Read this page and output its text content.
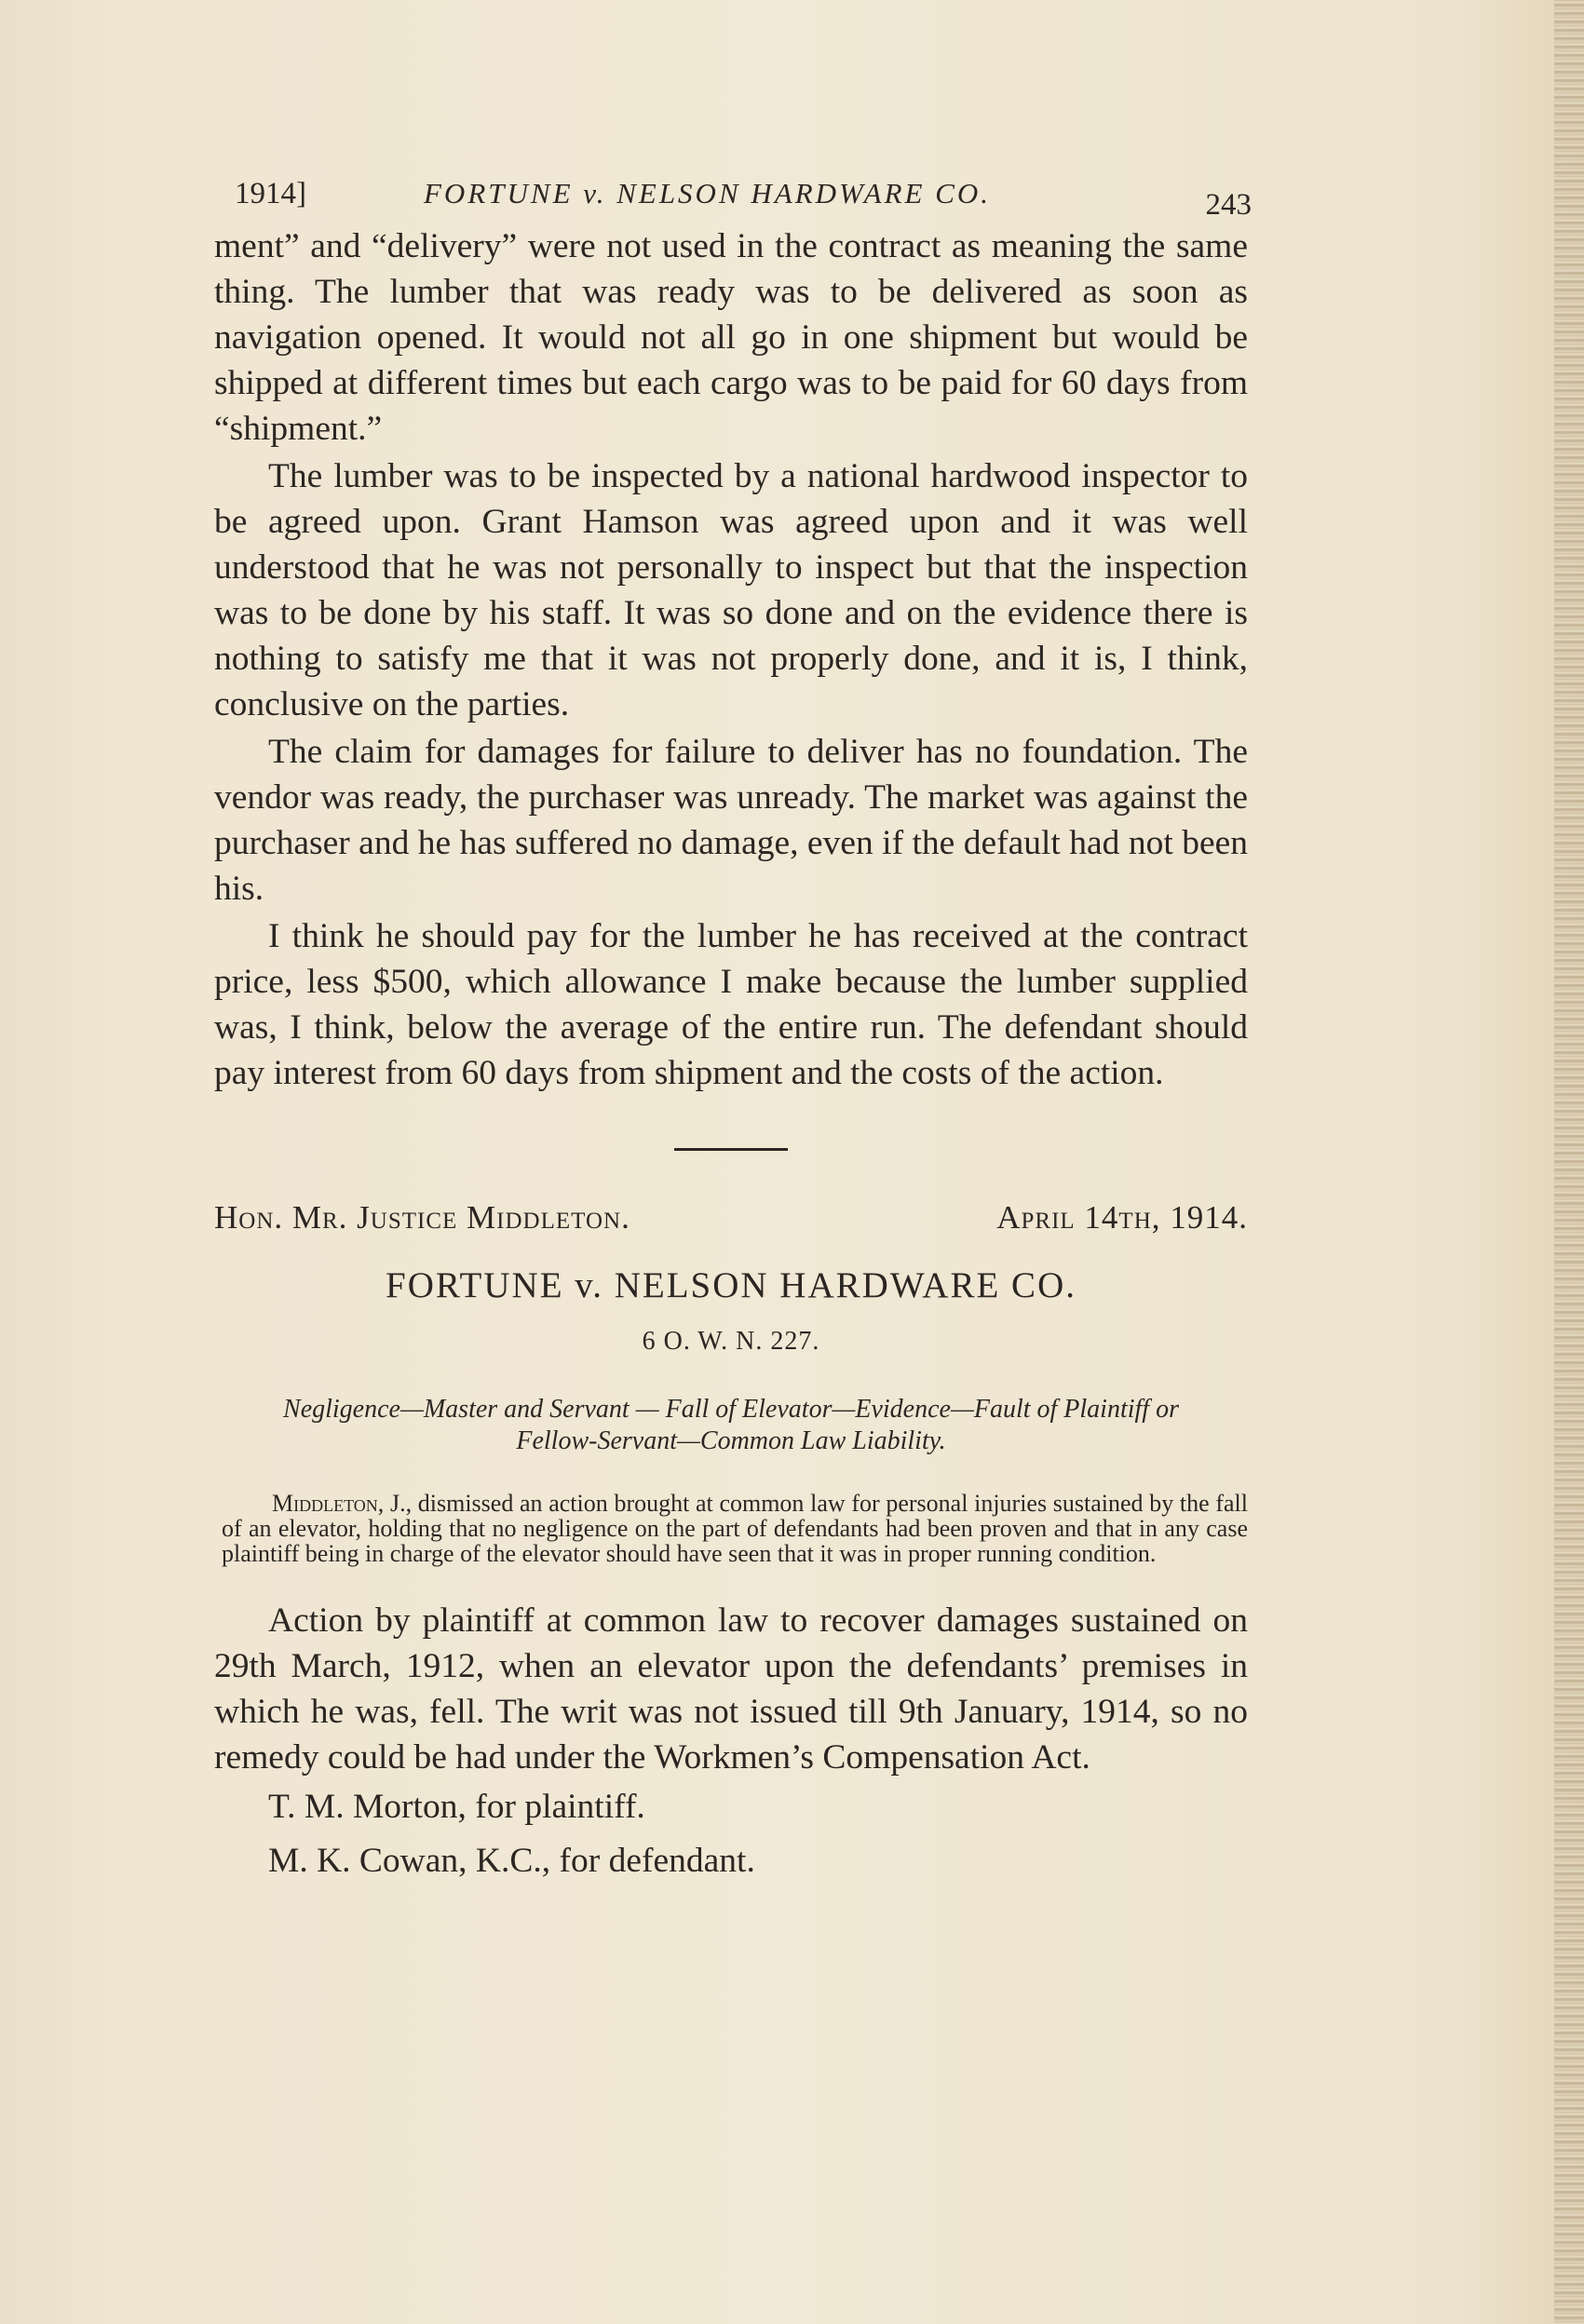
1914]	FORTUNE v. NELSON HARDWARE CO.	243

ment” and “delivery” were not used in the contract as meaning the same thing. The lumber that was ready was to be delivered as soon as navigation opened. It would not all go in one shipment but would be shipped at different times but each cargo was to be paid for 60 days from “shipment.”

The lumber was to be inspected by a national hardwood inspector to be agreed upon. Grant Hamson was agreed upon and it was well understood that he was not personally to inspect but that the inspection was to be done by his staff. It was so done and on the evidence there is nothing to satisfy me that it was not properly done, and it is, I think, conclusive on the parties.

The claim for damages for failure to deliver has no foundation. The vendor was ready, the purchaser was unready. The market was against the purchaser and he has suffered no damage, even if the default had not been his.

I think he should pay for the lumber he has received at the contract price, less $500, which allowance I make because the lumber supplied was, I think, below the average of the entire run. The defendant should pay interest from 60 days from shipment and the costs of the action.

Hon. Mr. Justice Middleton.	April 14th, 1914.
FORTUNE v. NELSON HARDWARE CO.
6 O. W. N. 227.
Negligence—Master and Servant — Fall of Elevator—Evidence—Fault of Plaintiff or Fellow-Servant—Common Law Liability.
Middleton, J., dismissed an action brought at common law for personal injuries sustained by the fall of an elevator, holding that no negligence on the part of defendants had been proven and that in any case plaintiff being in charge of the elevator should have seen that it was in proper running condition.

Action by plaintiff at common law to recover damages sustained on 29th March, 1912, when an elevator upon the defendants’ premises in which he was, fell. The writ was not issued till 9th January, 1914, so no remedy could be had under the Workmen’s Compensation Act.

T. M. Morton, for plaintiff.

M. K. Cowan, K.C., for defendant.
